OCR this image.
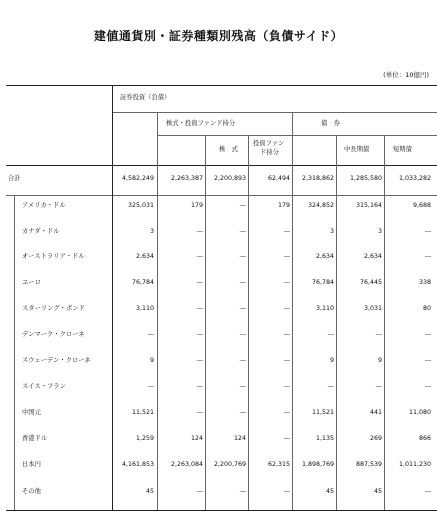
建値通貨別・証券種類別残高（負債サイド）
(単位：10億円)
証券投資（負債）
株式・投資ファンド持分	債　券
株　式
投資ファン
ド持分	中長期債	短期債
合計	4,582,249	2,263,387 2,200,893	62,494 2,318,862	1,285,580	1,033,282
アメリカ・ドル	325,031	179	―	179	324,852	315,164	9,688
カナダ・ドル	3	―	―	―	3	3	―
オーストラリア・ドル	2,634	―	―	―	2,634	2,634	―
ユーロ	76,784	―	―	―	76,784	76,445	338
スターリング・ポンド	3,110	―	―	―	3,110	3,031	80
デンマーク・クローネ	―	―	―	―	―	―	―
スウェーデン・クローネ	9	―	―	―	9	9	―
スイス・フラン	―	―	―	―	―	―	―
中国元	11,521	―	―	―	11,521	441	11,080
香港ドル	1,259	124	124	―	1,135	269	866
日本円	4,161,853	2,263,084 2,200,769	62,315 1,898,769	887,539	1,011,230
その他	45	―	―	―	45	45	―
